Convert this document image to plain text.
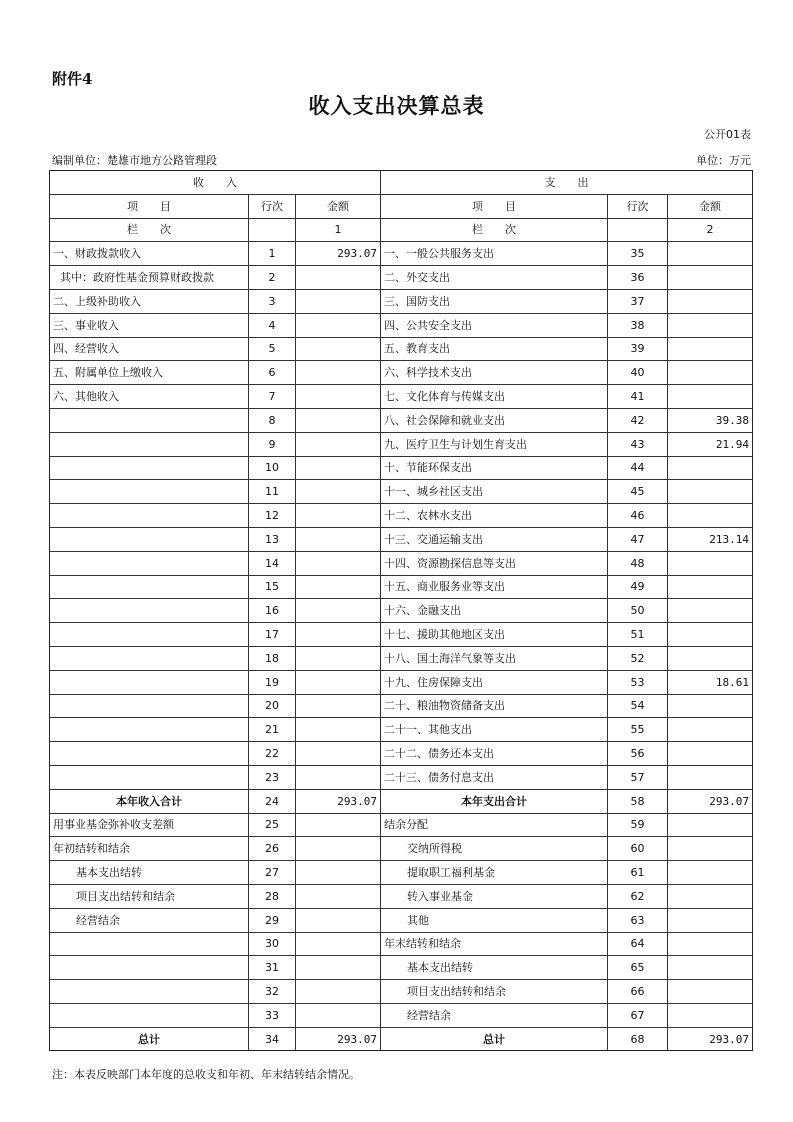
附件4
收入支出决算总表
公开01表
编制单位：楚雄市地方公路管理段	单位：万元
收　　入			支　　出		
项　　目	行次	金额	项　　目	行次	金额
栏　　次		1	栏　　次		2
一、财政拨款收入	1	293.07	一、一般公共服务支出	35	
其中：政府性基金预算财政拨款	2		二、外交支出	36	
二、上级补助收入	3		三、国防支出	37	
三、事业收入	4		四、公共安全支出	38	
四、经营收入	5		五、教育支出	39	
五、附属单位上缴收入	6		六、科学技术支出	40	
六、其他收入	7		七、文化体育与传媒支出	41	
	8		八、社会保障和就业支出	42	39.38
	9		九、医疗卫生与计划生育支出	43	21.94
	10		十、节能环保支出	44	
	11		十一、城乡社区支出	45	
	12		十二、农林水支出	46	
	13		十三、交通运输支出	47	213.14
	14		十四、资源勘探信息等支出	48	
	15		十五、商业服务业等支出	49	
	16		十六、金融支出	50	
	17		十七、援助其他地区支出	51	
	18		十八、国土海洋气象等支出	52	
	19		十九、住房保障支出	53	18.61
	20		二十、粮油物资储备支出	54	
	21		二十一、其他支出	55	
	22		二十二、债务还本支出	56	
	23		二十三、债务付息支出	57	
本年收入合计	24	293.07	本年支出合计	58	293.07
用事业基金弥补收支差额	25		结余分配	59	
年初结转和结余	26		交纳所得税	60	
基本支出结转	27		提取职工福利基金	61	
项目支出结转和结余	28		转入事业基金	62	
经营结余	29		其他	63	
	30		年末结转和结余	64	
	31		基本支出结转	65	
	32		项目支出结转和结余	66	
	33		经营结余	67	
总计	34	293.07	总计	68	293.07
注：本表反映部门本年度的总收支和年初、年末结转结余情况。
